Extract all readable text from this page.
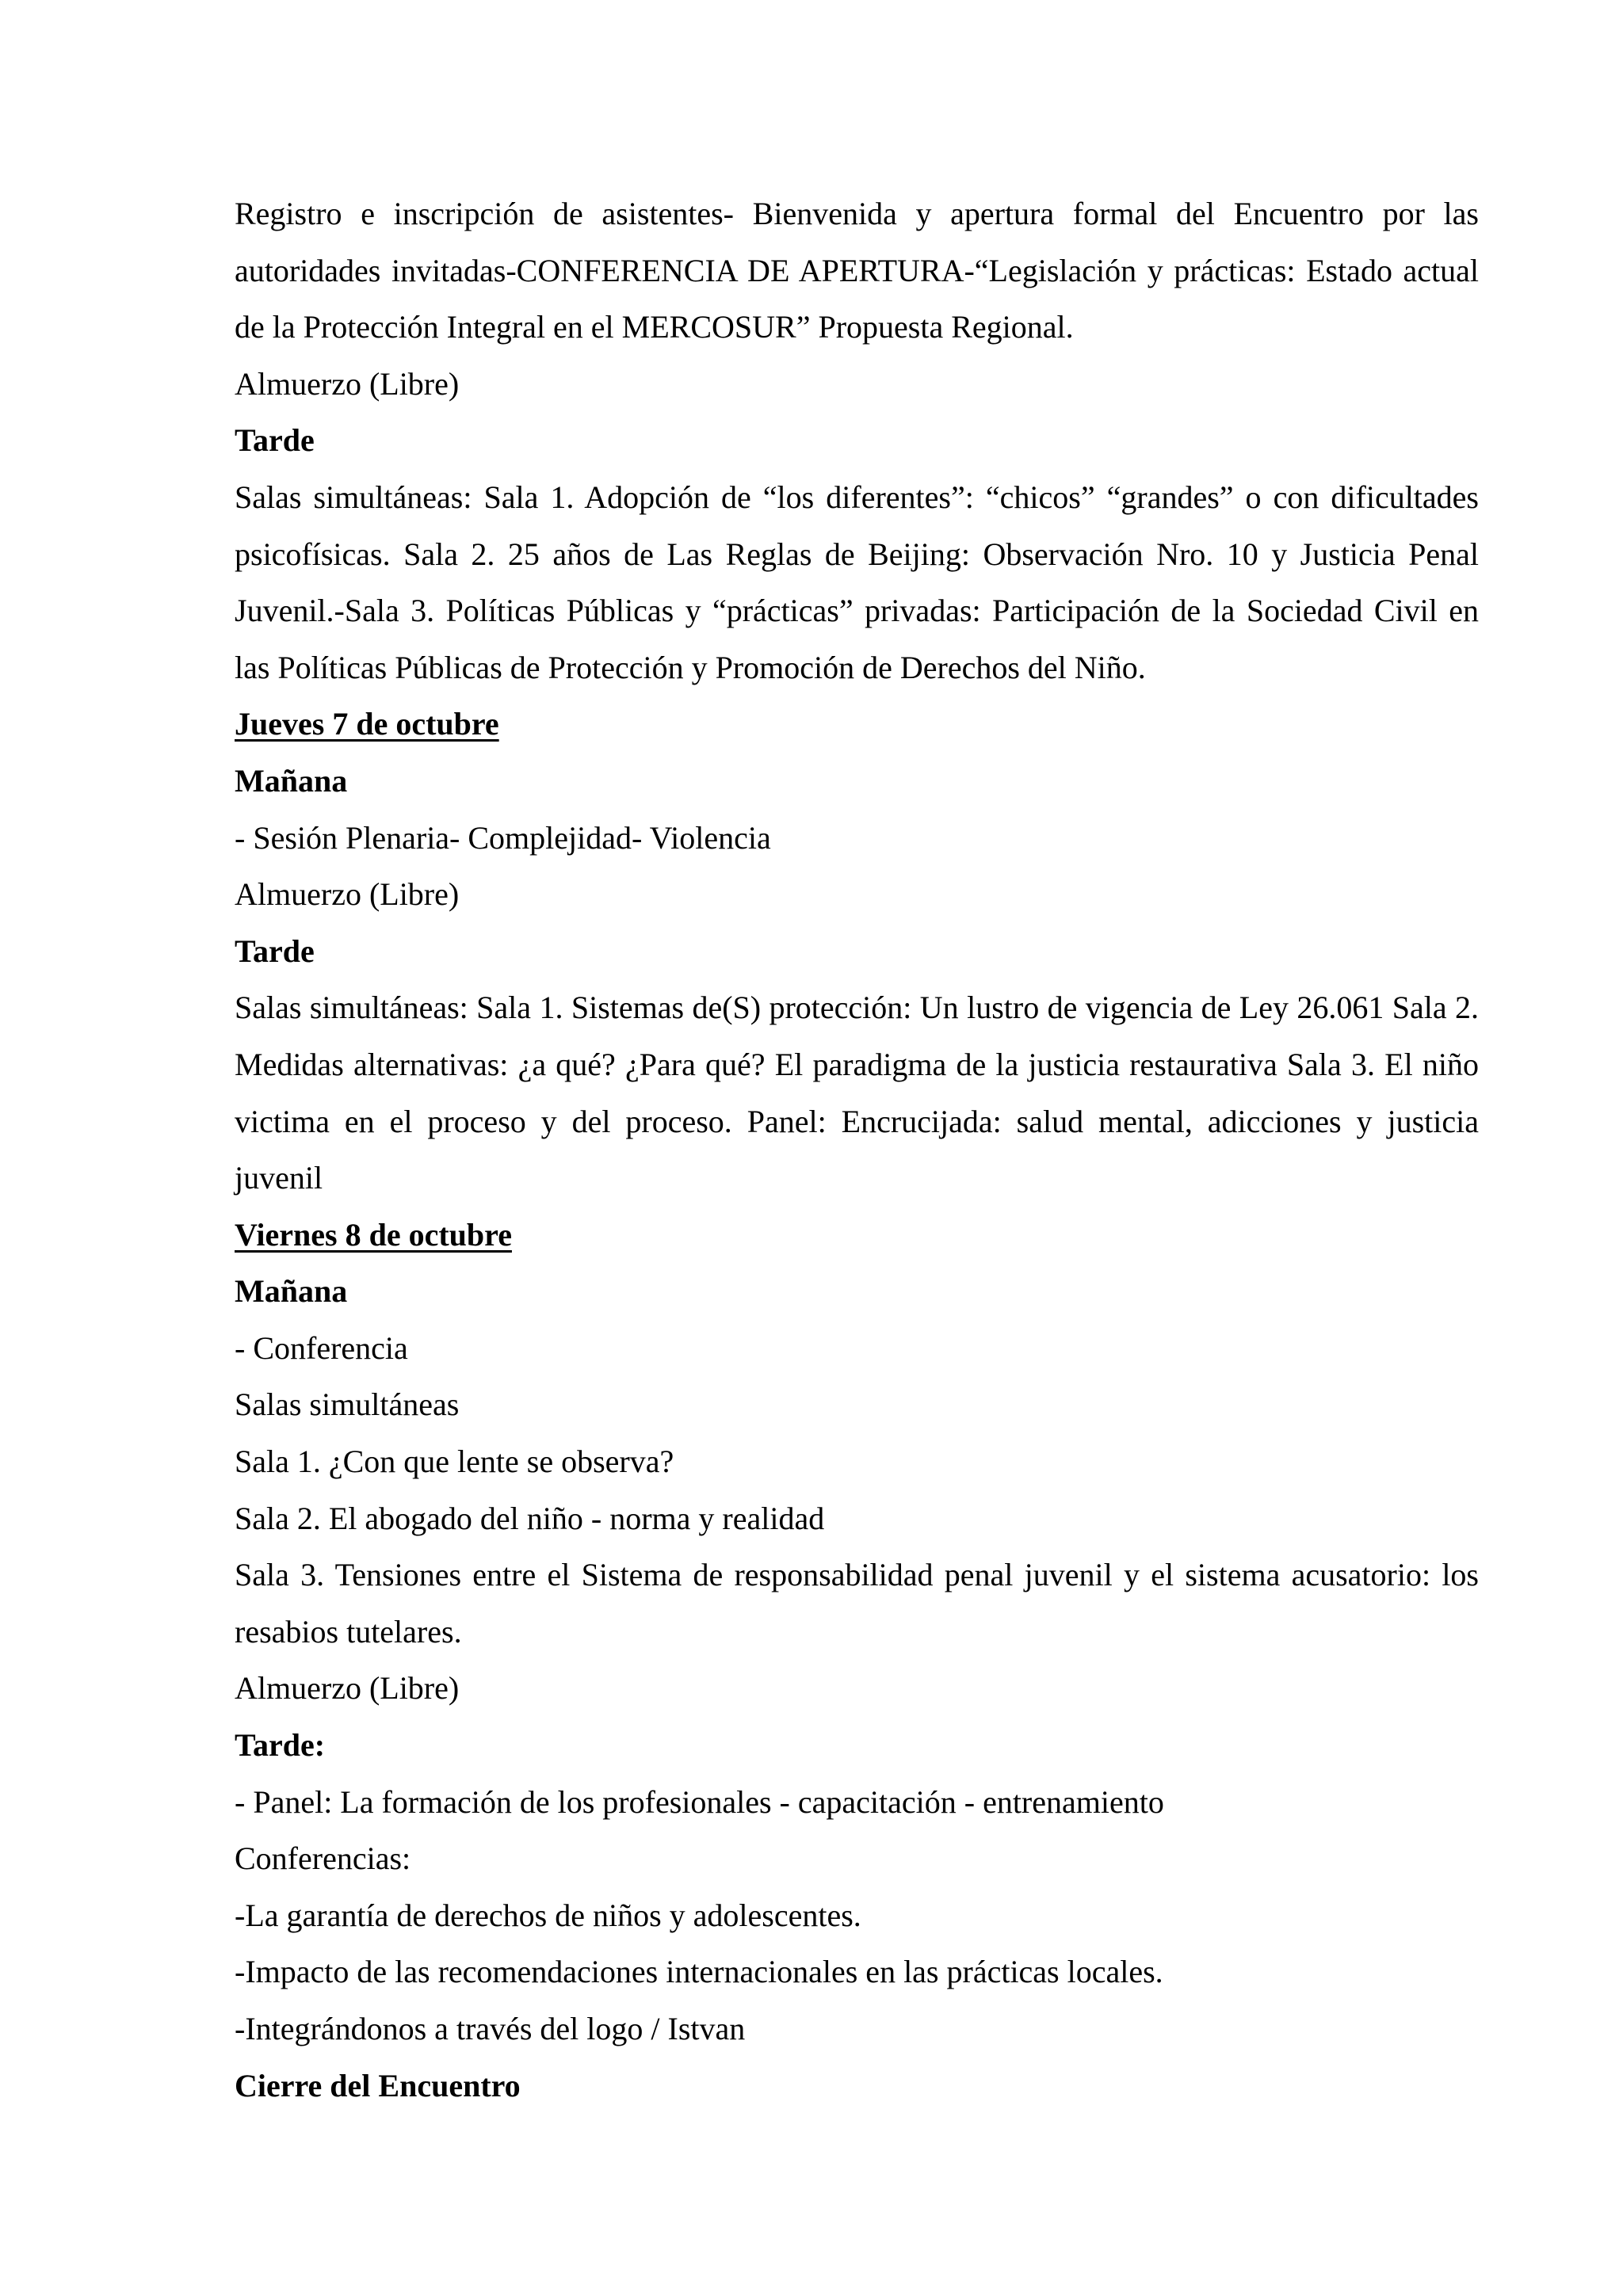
Registro e inscripción de asistentes- Bienvenida y apertura formal del Encuentro por las autoridades invitadas-CONFERENCIA DE APERTURA-“Legislación y prácticas: Estado actual de la Protección Integral en el MERCOSUR” Propuesta Regional.

Almuerzo (Libre)

Tarde

Salas simultáneas: Sala 1. Adopción de “los diferentes”: “chicos” “grandes” o con dificultades psicofísicas. Sala 2. 25 años de Las Reglas de Beijing: Observación Nro. 10 y Justicia Penal Juvenil.-Sala 3. Políticas Públicas y “prácticas” privadas: Participación de la Sociedad Civil en las Políticas Públicas de Protección y Promoción de Derechos del Niño.

Jueves 7 de octubre

Mañana

- Sesión Plenaria- Complejidad- Violencia

Almuerzo (Libre)

Tarde

Salas simultáneas: Sala 1. Sistemas de(S) protección: Un lustro de vigencia de Ley 26.061 Sala 2. Medidas alternativas: ¿a qué? ¿Para qué? El paradigma de la justicia restaurativa Sala 3. El niño victima en el proceso y del proceso. Panel: Encrucijada: salud mental, adicciones y justicia juvenil

Viernes 8 de octubre

Mañana

- Conferencia

Salas simultáneas

Sala 1. ¿Con que lente se observa?

Sala 2. El abogado del niño - norma y realidad

Sala 3. Tensiones entre el Sistema de responsabilidad penal juvenil y el sistema acusatorio: los resabios tutelares.

Almuerzo (Libre)

Tarde:

- Panel: La formación de los profesionales - capacitación - entrenamiento

Conferencias:

-La garantía de derechos de niños y adolescentes.

-Impacto de las recomendaciones internacionales en las prácticas locales.

-Integrándonos a través del logo / Istvan

Cierre del Encuentro
